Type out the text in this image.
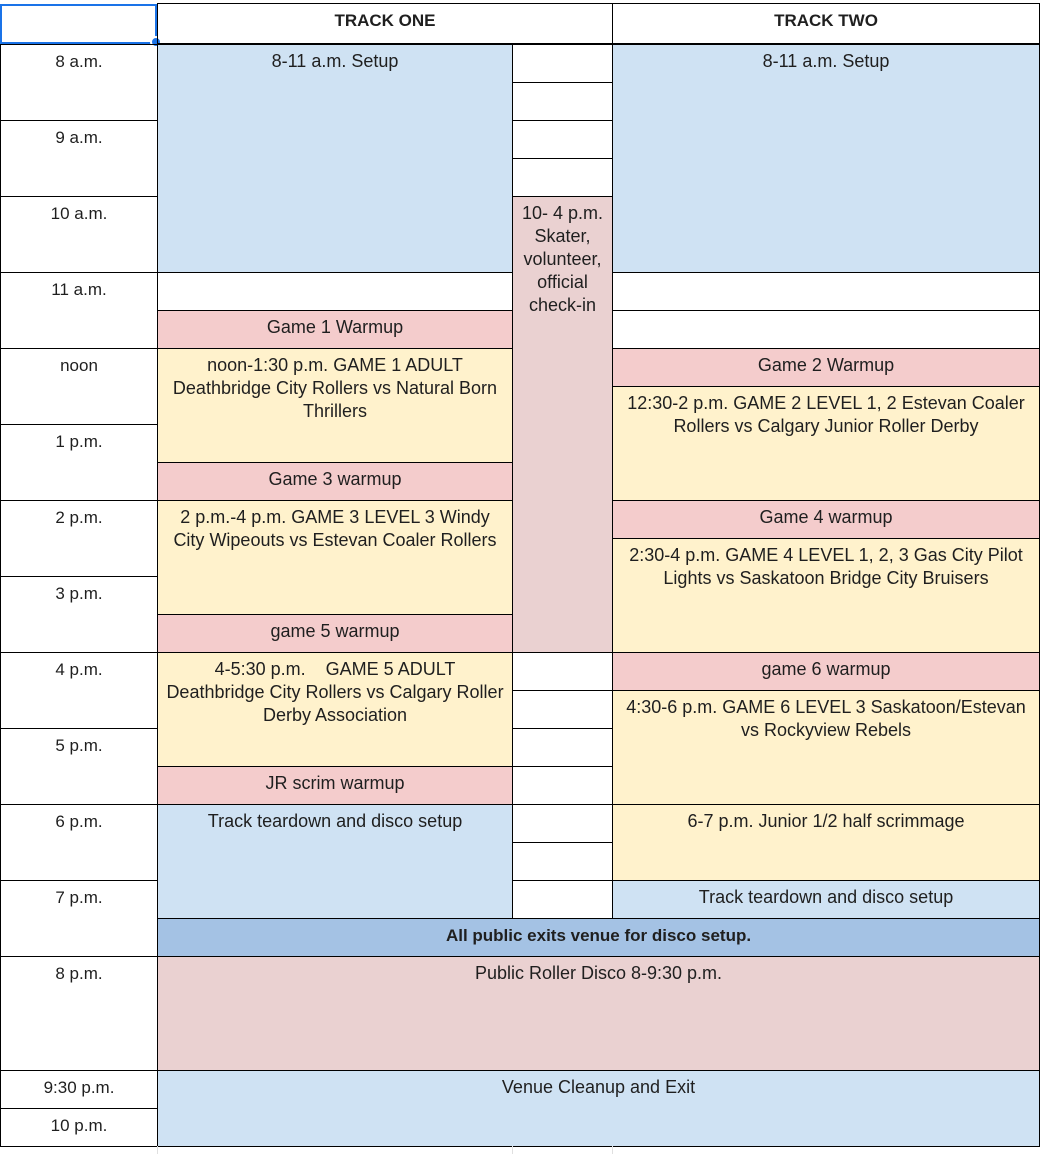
TRACK ONE	TRACK TWO
8 a.m.
9 a.m.
10 a.m.
11 a.m.
noon
1 p.m.
2 p.m.
3 p.m.
4 p.m.
5 p.m.
6 p.m.
7 p.m.
8 p.m.
9:30 p.m.
10 p.m.
8-11 a.m. Setup
Game 1 Warmup
noon-1:30 p.m. GAME 1 ADULT Deathbridge City Rollers vs Natural Born Thrillers
Game 3 warmup
2 p.m.-4 p.m. GAME 3 LEVEL 3 Windy City Wipeouts vs Estevan Coaler Rollers
game 5 warmup
4-5:30 p.m.    GAME 5 ADULT Deathbridge City Rollers vs Calgary Roller Derby Association
JR scrim warmup
Track teardown and disco setup
10- 4 p.m. Skater, volunteer, official check-in
8-11 a.m. Setup
Game 2 Warmup
12:30-2 p.m. GAME 2 LEVEL 1, 2 Estevan Coaler Rollers vs Calgary Junior Roller Derby
Game 4 warmup
2:30-4 p.m. GAME 4 LEVEL 1, 2, 3 Gas City Pilot Lights vs Saskatoon Bridge City Bruisers
game 6 warmup
4:30-6 p.m. GAME 6 LEVEL 3 Saskatoon/Estevan vs Rockyview Rebels
6-7 p.m. Junior 1/2 half scrimmage
Track teardown and disco setup
All public exits venue for disco setup.
Public Roller Disco 8-9:30 p.m.
Venue Cleanup and Exit
